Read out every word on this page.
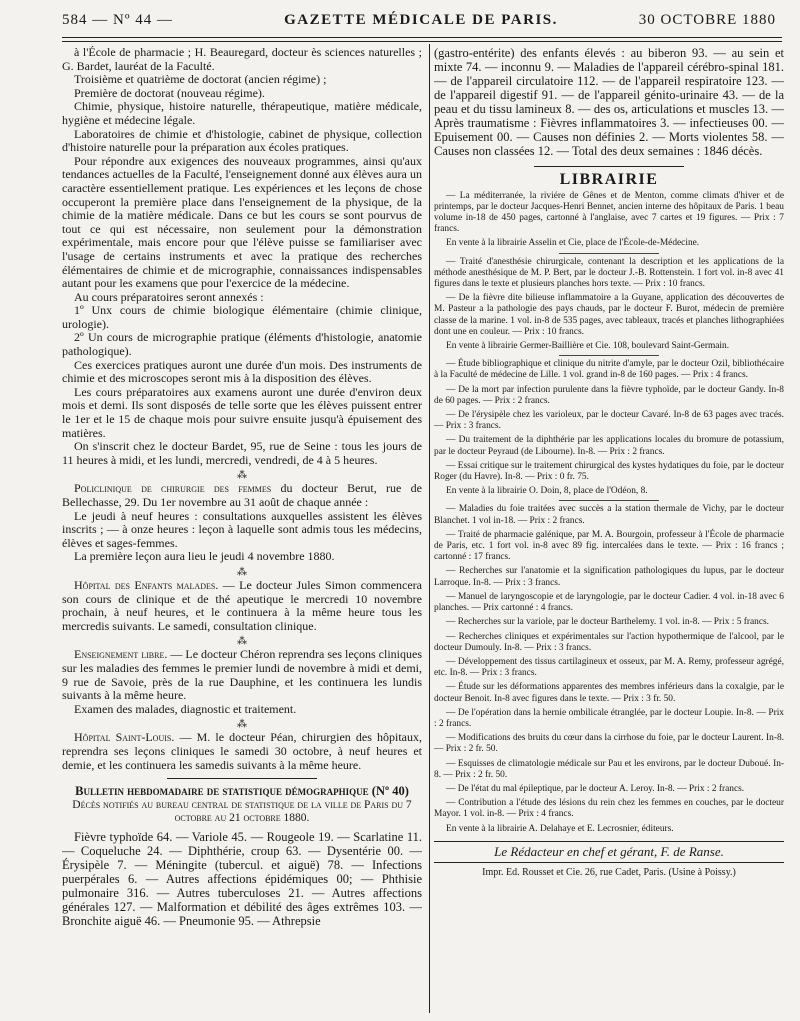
584 — Nº 44 —	GAZETTE MÉDICALE DE PARIS.	30 OCTOBRE 1880

à l'École de pharmacie ; H. Beauregard, docteur ès sciences naturelles ; G. Bardet, lauréat de la Faculté.

Troisième et quatrième de doctorat (ancien régime) ;

Première de doctorat (nouveau régime).

Chimie, physique, histoire naturelle, thérapeutique, matière médicale, hygiène et médecine légale.

Laboratoires de chimie et d'histologie, cabinet de physique, collection d'histoire naturelle pour la préparation aux écoles pratiques.

Pour répondre aux exigences des nouveaux programmes, ainsi qu'aux tendances actuelles de la Faculté, l'enseignement donné aux élèves aura un caractère essentiellement pratique. Les expériences et les leçons de chose occuperont la première place dans l'enseignement de la physique, de la chimie de la matière médicale. Dans ce but les cours se sont pourvus de tout ce qui est nécessaire, non seulement pour la démonstration expérimentale, mais encore pour que l'élève puisse se familiariser avec l'usage de certains instruments et avec la pratique des recherches élémentaires de chimie et de micrographie, connaissances indispensables autant pour les examens que pour l'exercice de la médecine.

Au cours préparatoires seront annexés :

1º Unx cours de chimie biologique élémentaire (chimie clinique, urologie).

2º Un cours de micrographie pratique (éléments d'histologie, anatomie pathologique).

Ces exercices pratiques auront une durée d'un mois. Des instruments de chimie et des microscopes seront mis à la disposition des élèves.

Les cours préparatoires aux examens auront une durée d'environ deux mois et demi. Ils sont disposés de telle sorte que les élèves puissent entrer le 1er et le 15 de chaque mois pour suivre ensuite jusqu'à épuisement des matières.

On s'inscrit chez le docteur Bardet, 95, rue de Seine : tous les jours de 11 heures à midi, et les lundi, mercredi, vendredi, de 4 à 5 heures.

⁂

Policlinique de chirurgie des femmes du docteur Berut, rue de Bellechasse, 29. Du 1er novembre au 31 août de chaque année :

Le jeudi à neuf heures : consultations auxquelles assistent les élèves inscrits ; — à onze heures : leçon à laquelle sont admis tous les médecins, élèves et sages-femmes.

La première leçon aura lieu le jeudi 4 novembre 1880.

⁂

Hôpital des Enfants malades. — Le docteur Jules Simon commencera son cours de clinique et de thé apeutique le mercredi 10 novembre prochain, à neuf heures, et le continuera à la même heure tous les mercredis suivants. Le samedi, consultation clinique.

⁂

Enseignement libre. — Le docteur Chéron reprendra ses leçons cliniques sur les maladies des femmes le premier lundi de novembre à midi et demi, 9 rue de Savoie, près de la rue Dauphine, et les continuera les lundis suivants à la même heure.

Examen des malades, diagnostic et traitement.

⁂

Hôpital Saint-Louis. — M. le docteur Péan, chirurgien des hôpitaux, reprendra ses leçons cliniques le samedi 30 octobre, à neuf heures et demie, et les continuera les samedis suivants à la même heure.

Bulletin hebdomadaire de statistique démographique (Nº 40)
Décès notifiés au bureau central de statistique de la ville de Paris du 7 octobre au 21 octobre 1880.

Fièvre typhoïde 64. — Variole 45. — Rougeole 19. — Scarlatine 11. — Coqueluche 24. — Diphthérie, croup 63. — Dysentérie 00. — Érysipèle 7. — Méningite (tubercul. et aiguë) 78. — Infections puerpérales 6. — Autres affections épidémiques 00; — Phthisie pulmonaire 316. — Autres tuberculoses 21. — Autres affections générales 127. — Malformation et débilité des âges extrêmes 103. — Bronchite aiguë 46. — Pneumonie 95. — Athrepsie

(gastro-entérite) des enfants élevés : au biberon 93. — au sein et mixte 74. — inconnu 9. — Maladies de l'appareil cérébro-spinal 181. — de l'appareil circulatoire 112. — de l'appareil respiratoire 123. — de l'appareil digestif 91. — de l'appareil génito-urinaire 43. — de la peau et du tissu lamineux 8. — des os, articulations et muscles 13. — Après traumatisme : Fièvres inflammatoires 3. — infectieuses 00. — Epuisement 00. — Causes non définies 2. — Morts violentes 58. — Causes non classées 12. — Total des deux semaines : 1846 décès.

LIBRAIRIE

— La méditerranée, la riviére de Gênes et de Menton, comme climats d'hiver et de printemps, par le docteur Jacques-Henri Bennet, ancien interne des hôpitaux de Paris. 1 beau volume in-18 de 450 pages, cartonné à l'anglaise, avec 7 cartes et 19 figures. — Prix : 7 francs.

En vente à la librairie Asselin et Cie, place de l'École-de-Médecine.

— Traité d'anesthésie chirurgicale, contenant la description et les applications de la méthode anesthésique de M. P. Bert, par le docteur J.-B. Rottenstein. 1 fort vol. in-8 avec 41 figures dans le texte et plusieurs planches hors texte. — Prix : 10 francs.

— De la fièvre dite bilieuse inflammatoire a la Guyane, application des découvertes de M. Pasteur a la pathologie des pays chauds, par le docteur F. Burot, médecin de première classe de la marine. 1 vol. in-8 de 535 pages, avec tableaux, tracés et planches lithographiées dont une en couleur. — Prix : 10 francs.

En vente à librairie Germer-Baillière et Cie. 108, boulevard Saint-Germain.

— Étude bibliographique et clinique du nitrite d'amyle, par le docteur Ozil, bibliothécaire à la Faculté de médecine de Lille. 1 vol. grand in-8 de 160 pages. — Prix : 4 francs.

— De la mort par infection purulente dans la fièvre typhoïde, par le docteur Gandy. In-8 de 60 pages. — Prix : 2 francs.

— De l'érysipèle chez les varioleux, par le docteur Cavaré. In-8 de 63 pages avec tracés. — Prix : 3 francs.

— Du traitement de la diphthérie par les applications locales du bromure de potassium, par le docteur Peyraud (de Libourne). In-8. — Prix : 2 francs.

— Essai critique sur le traitement chirurgical des kystes hydatiques du foie, par le docteur Roger (du Havre). In-8. — Prix : 0 fr. 75.

En vente à la librairie O. Doin, 8, place de l'Odéon, 8.

— Maladies du foie traitées avec succès a la station thermale de Vichy, par le docteur Blanchet. 1 vol in-18. — Prix : 2 francs.

— Traité de pharmacie galénique, par M. A. Bourgoin, professeur à l'École de pharmacie de Paris, etc. 1 fort vol. in-8 avec 89 fig. intercalées dans le texte. — Prix : 16 francs ; cartonné : 17 francs.

— Recherches sur l'anatomie et la signification pathologiques du lupus, par le docteur Larroque. In-8. — Prix : 3 francs.

— Manuel de laryngoscopie et de laryngologie, par le docteur Cadier. 4 vol. in-18 avec 6 planches. — Prix cartonné : 4 francs.

— Recherches sur la variole, par le docteur Barthelemy. 1 vol. in-8. — Prix : 5 francs.

— Recherches cliniques et expérimentales sur l'action hypothermique de l'alcool, par le docteur Dumouly. In-8. — Prix : 3 francs.

— Développement des tissus cartilagineux et osseux, par M. A. Remy, professeur agrégé, etc. In-8. — Prix : 3 francs.

— Étude sur les déformations apparentes des membres inférieurs dans la coxalgie, par le docteur Benoit. In-8 avec figures dans le texte. — Prix : 3 fr. 50.

— De l'opération dans la hernie ombilicale étranglée, par le docteur Loupie. In-8. — Prix : 2 francs.

— Modifications des bruits du cœur dans la cirrhose du foie, par le docteur Laurent. In-8. — Prix : 2 fr. 50.

— Esquisses de climatologie médicale sur Pau et les environs, par le docteur Duboué. In-8. — Prix : 2 fr. 50.

— De l'état du mal épileptique, par le docteur A. Leroy. In-8. — Prix : 2 francs.

— Contribution a l'étude des lésions du rein chez les femmes en couches, par le docteur Mayor. 1 vol. in-8. — Prix : 4 francs.

En vente à la librairie A. Delahaye et E. Lecrosnier, éditeurs.

Le Rédacteur en chef et gérant, F. de Ranse.
Impr. Ed. Rousset et Cie. 26, rue Cadet, Paris. (Usine à Poissy.)
